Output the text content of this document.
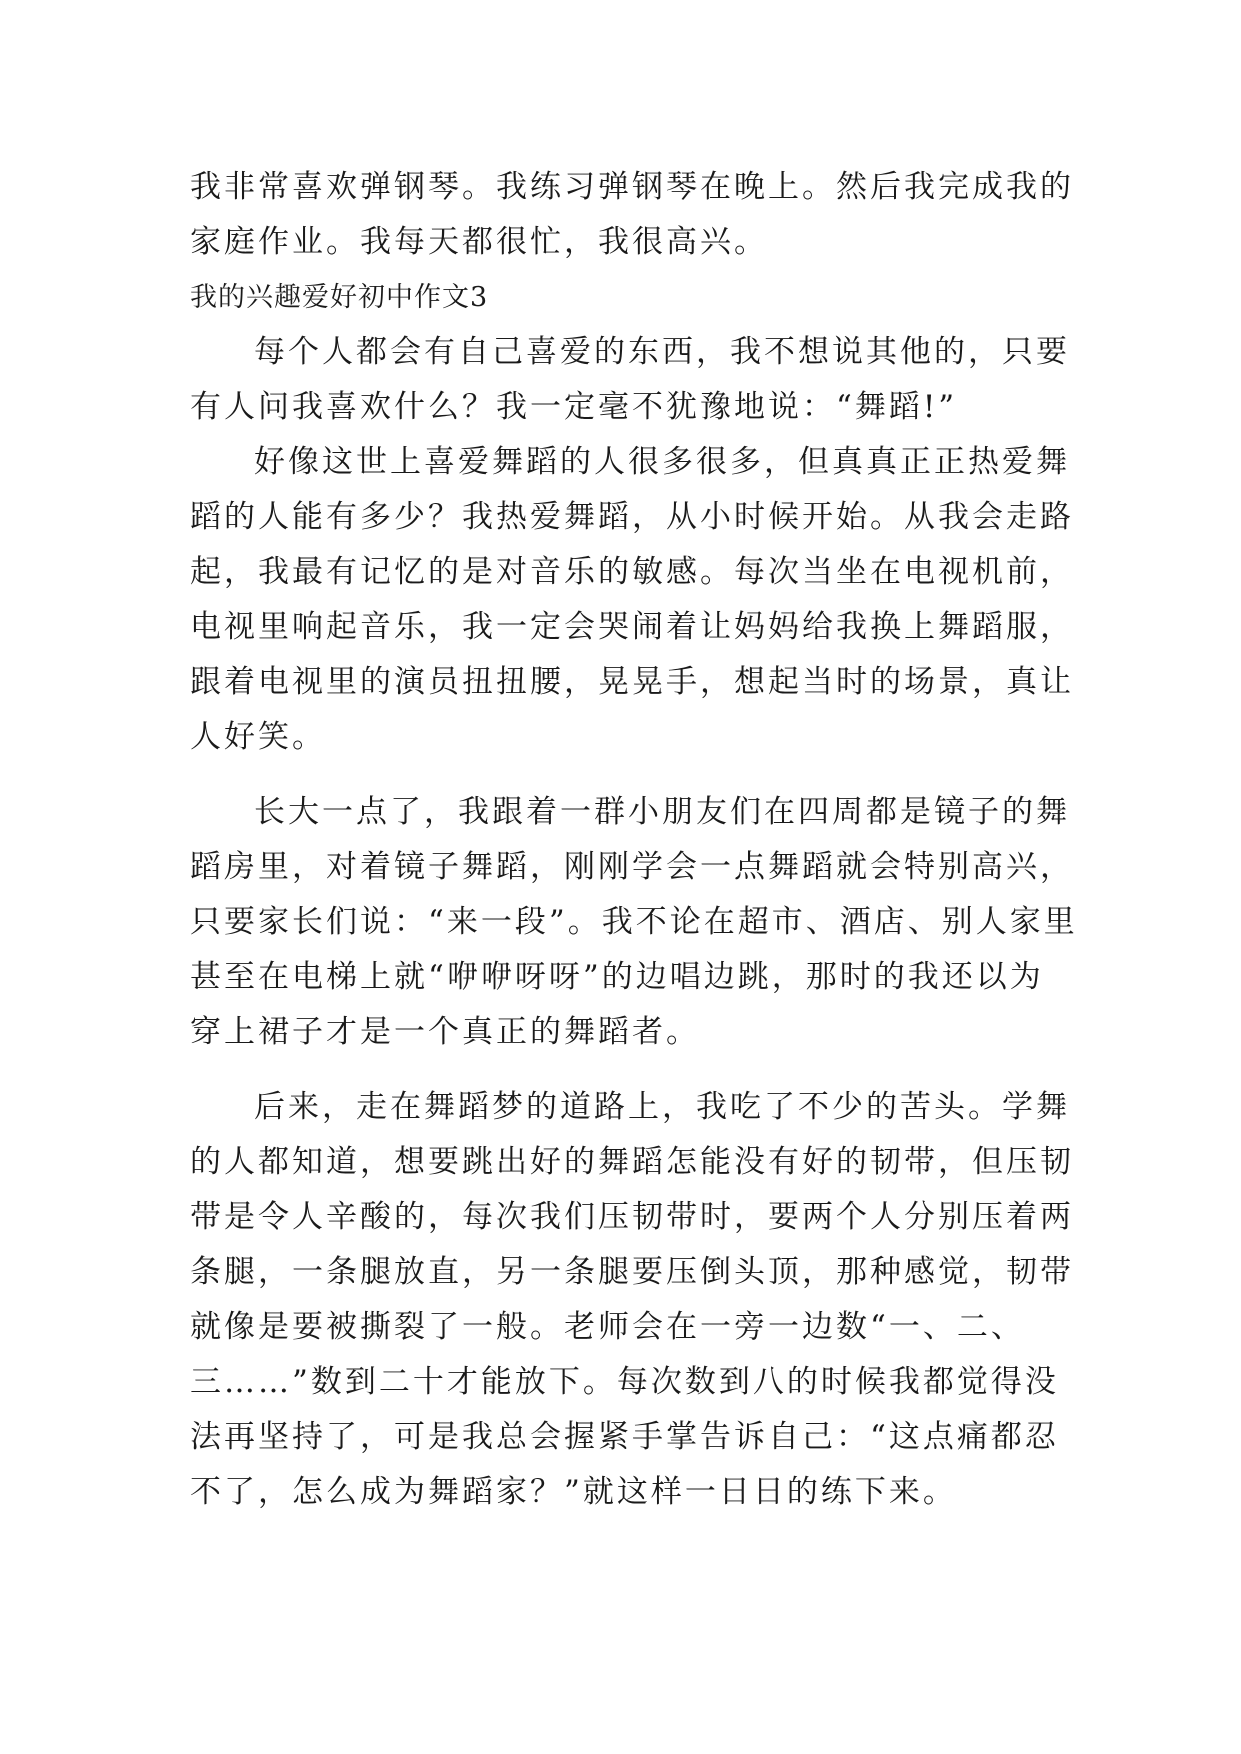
我非常喜欢弹钢琴。我练习弹钢琴在晚上。然后我完成我的
家庭作业。我每天都很忙，我很高兴。
我的兴趣爱好初中作文3
每个人都会有自己喜爱的东西，我不想说其他的，只要
有人问我喜欢什么？我一定毫不犹豫地说：“舞蹈!”
好像这世上喜爱舞蹈的人很多很多，但真真正正热爱舞
蹈的人能有多少？我热爱舞蹈，从小时候开始。从我会走路
起，我最有记忆的是对音乐的敏感。每次当坐在电视机前，
电视里响起音乐，我一定会哭闹着让妈妈给我换上舞蹈服，
跟着电视里的演员扭扭腰，晃晃手，想起当时的场景，真让
人好笑。
长大一点了，我跟着一群小朋友们在四周都是镜子的舞
蹈房里，对着镜子舞蹈，刚刚学会一点舞蹈就会特别高兴，
只要家长们说：“来一段”。我不论在超市、酒店、别人家里
甚至在电梯上就“咿咿呀呀”的边唱边跳，那时的我还以为
穿上裙子才是一个真正的舞蹈者。
后来，走在舞蹈梦的道路上，我吃了不少的苦头。学舞
的人都知道，想要跳出好的舞蹈怎能没有好的韧带，但压韧
带是令人辛酸的，每次我们压韧带时，要两个人分别压着两
条腿，一条腿放直，另一条腿要压倒头顶，那种感觉，韧带
就像是要被撕裂了一般。老师会在一旁一边数“一、二、
三……”数到二十才能放下。每次数到八的时候我都觉得没
法再坚持了，可是我总会握紧手掌告诉自己：“这点痛都忍
不了，怎么成为舞蹈家？”就这样一日日的练下来。
